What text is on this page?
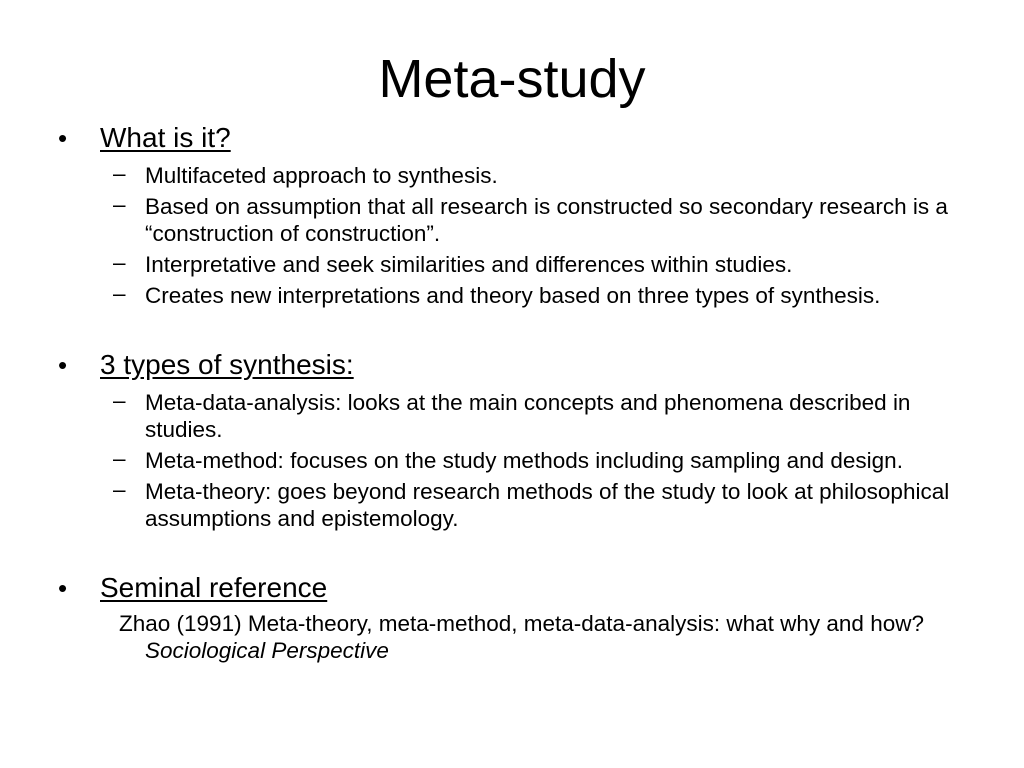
Meta-study
• What is it?
– Multifaceted approach to synthesis.
– Based on assumption that all research is constructed so secondary research is a “construction of construction”.
– Interpretative and seek similarities and differences within studies.
– Creates new interpretations and theory based on three types of synthesis.
• 3 types of synthesis:
– Meta-data-analysis: looks at the main concepts and phenomena described in studies.
– Meta-method: focuses on the study methods including sampling and design.
– Meta-theory: goes beyond research methods of the study to look at philosophical assumptions and epistemology.
• Seminal reference
Zhao (1991) Meta-theory, meta-method, meta-data-analysis: what why and how? Sociological Perspective
